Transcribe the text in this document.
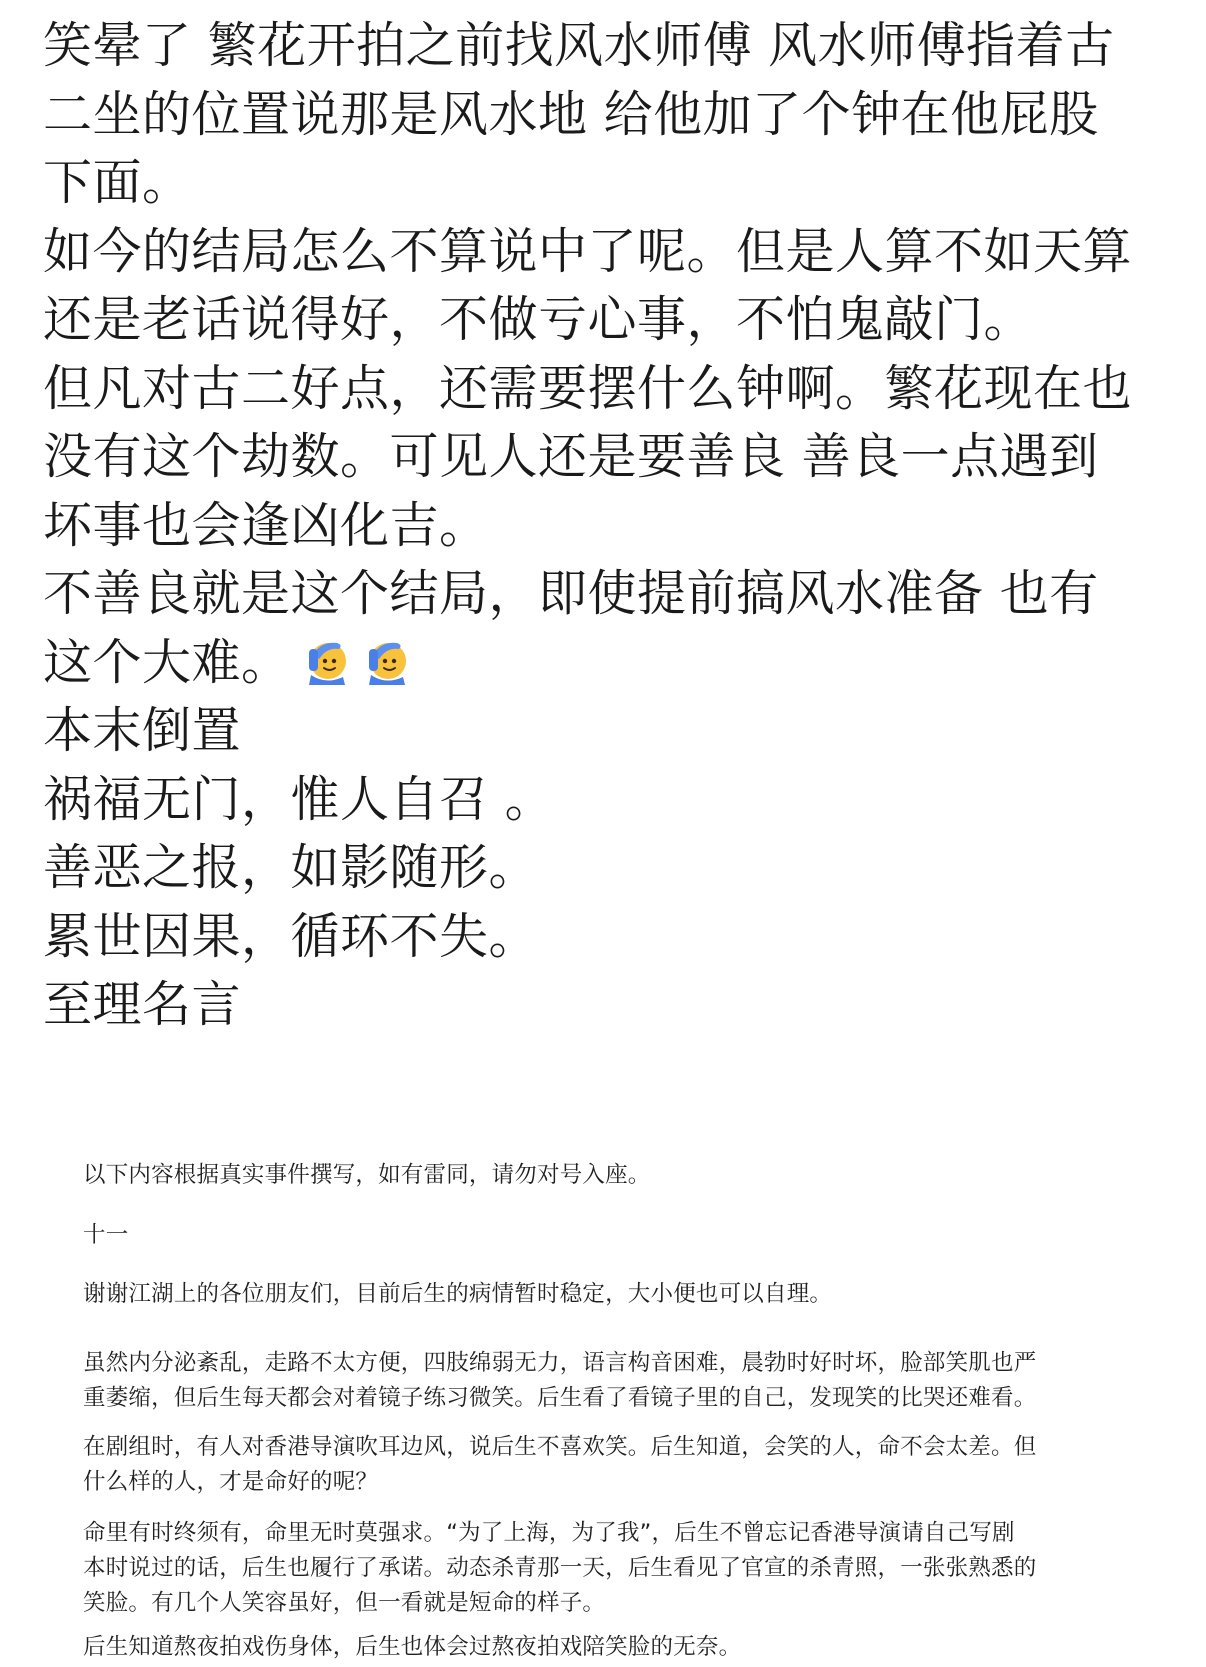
笑晕了 繁花开拍之前找风水师傅 风水师傅指着古
二坐的位置说那是风水地 给他加了个钟在他屁股
下面。
如今的结局怎么不算说中了呢。但是人算不如天算
还是老话说得好，不做亏心事，不怕鬼敲门。
但凡对古二好点，还需要摆什么钟啊。繁花现在也
没有这个劫数。可见人还是要善良 善良一点遇到
坏事也会逢凶化吉。
不善良就是这个结局，即使提前搞风水准备 也有
这个大难。
本末倒置
祸福无门，惟人自召 。
善恶之报，如影随形。
累世因果，循环不失。
至理名言
以下内容根据真实事件撰写，如有雷同，请勿对号入座。
十一
谢谢江湖上的各位朋友们，目前后生的病情暂时稳定，大小便也可以自理。
虽然内分泌紊乱，走路不太方便，四肢绵弱无力，语言构音困难，晨勃时好时坏，脸部笑肌也严
重萎缩，但后生每天都会对着镜子练习微笑。后生看了看镜子里的自己，发现笑的比哭还难看。
在剧组时，有人对香港导演吹耳边风，说后生不喜欢笑。后生知道，会笑的人，命不会太差。但
什么样的人，才是命好的呢？
命里有时终须有，命里无时莫强求。“为了上海，为了我”，后生不曾忘记香港导演请自己写剧
本时说过的话，后生也履行了承诺。动态杀青那一天，后生看见了官宣的杀青照，一张张熟悉的
笑脸。有几个人笑容虽好，但一看就是短命的样子。
后生知道熬夜拍戏伤身体，后生也体会过熬夜拍戏陪笑脸的无奈。
